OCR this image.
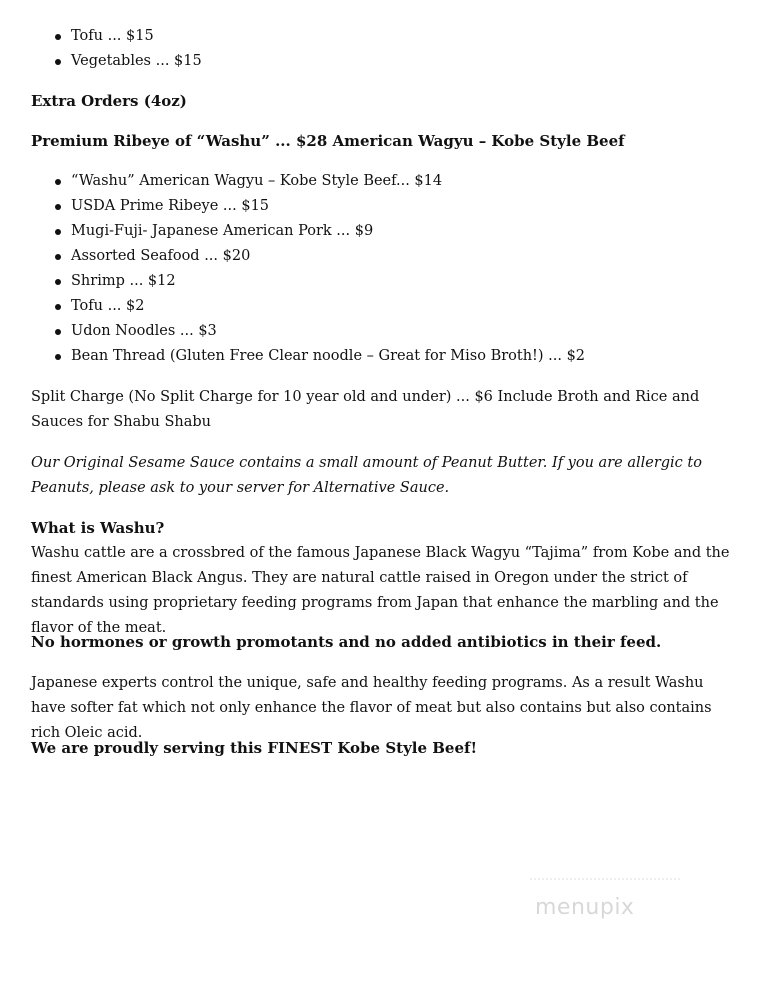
Tofu ... $15
Vegetables ... $15
Extra Orders (4oz)
Premium Ribeye of “Washu” ... $28 American Wagyu – Kobe Style Beef
“Washu” American Wagyu – Kobe Style Beef... $14
USDA Prime Ribeye ... $15
Mugi-Fuji- Japanese American Pork ... $9
Assorted Seafood ... $20
Shrimp ... $12
Tofu ... $2
Udon Noodles ... $3
Bean Thread (Gluten Free Clear noodle – Great for Miso Broth!) ... $2
Split Charge (No Split Charge for 10 year old and under) ... $6 Include Broth and Rice and Sauces for Shabu Shabu
Our Original Sesame Sauce contains a small amount of Peanut Butter. If you are allergic to Peanuts, please ask to your server for Alternative Sauce.
What is Washu?
Washu cattle are a crossbred of the famous Japanese Black Wagyu “Tajima” from Kobe and the finest American Black Angus. They are natural cattle raised in Oregon under the strict of standards using proprietary feeding programs from Japan that enhance the marbling and the flavor of the meat.
No hormones or growth promotants and no added antibiotics in their feed.
Japanese experts control the unique, safe and healthy feeding programs. As a result Washu have softer fat which not only enhance the flavor of meat but also contains but also contains rich Oleic acid.
We are proudly serving this FINEST Kobe Style Beef!
menupix
